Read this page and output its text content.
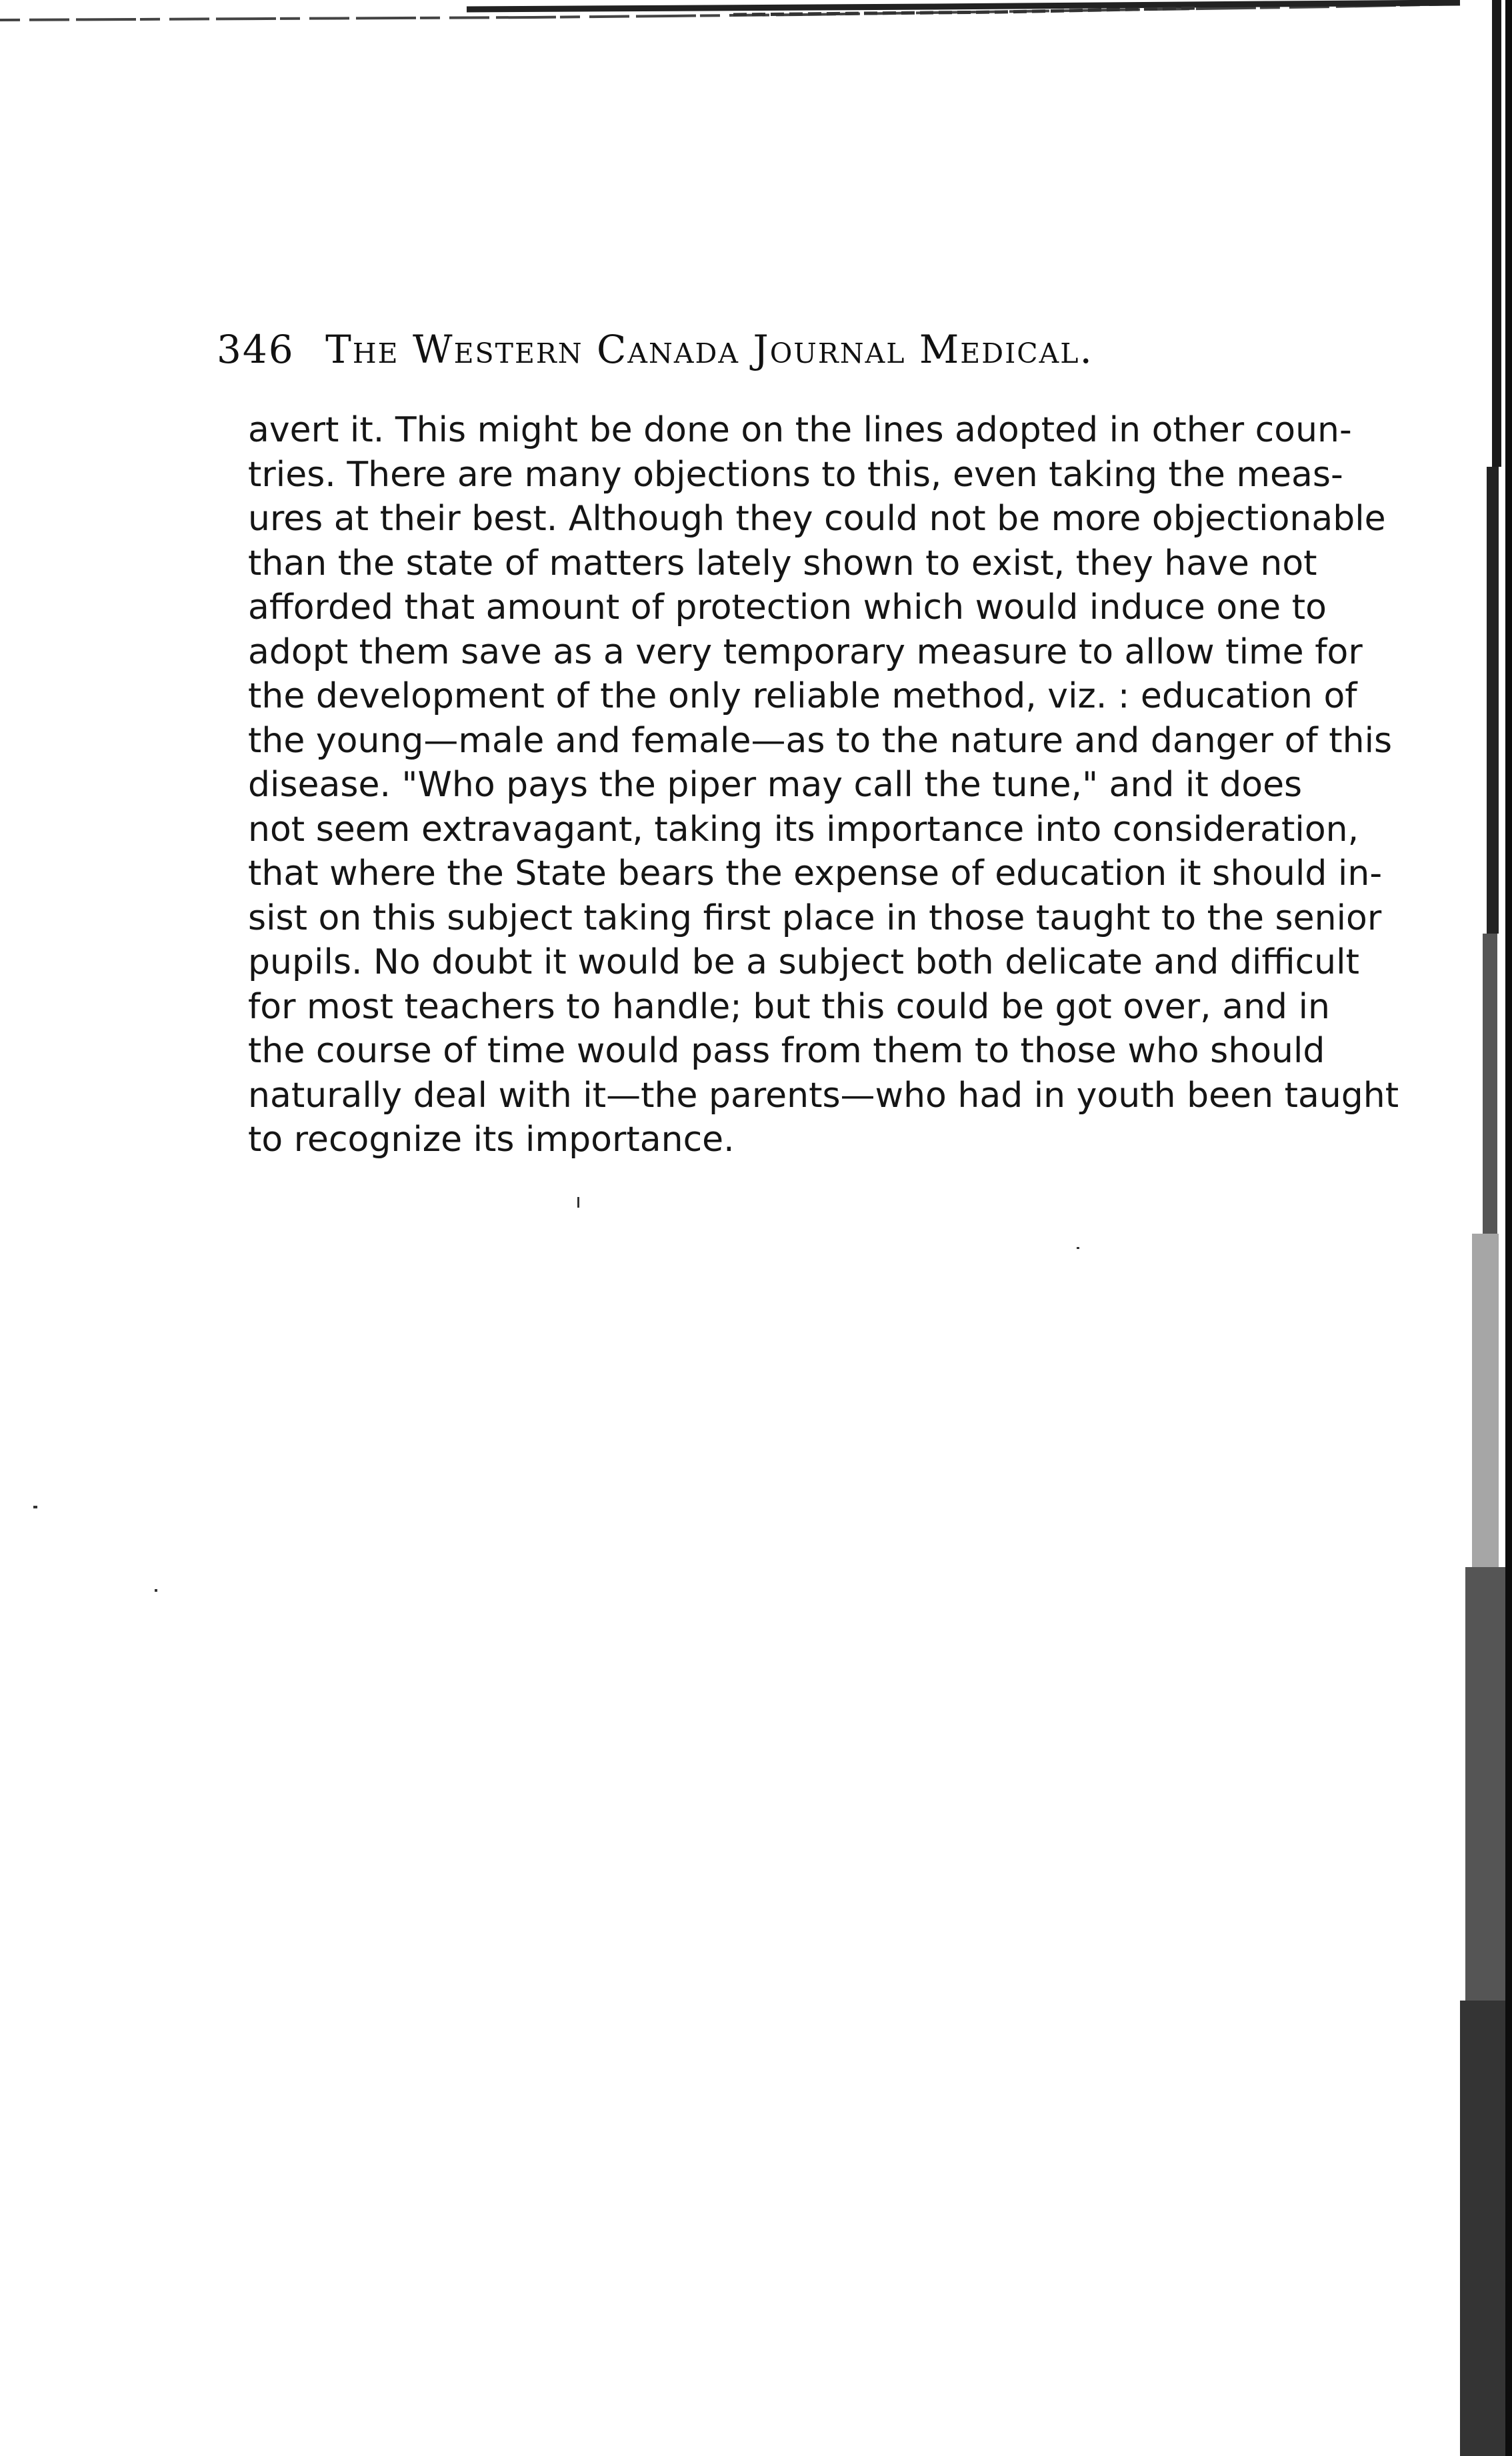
346 The Western Canada Journal Medical.
avert it. This might be done on the lines adopted in other coun-
tries. There are many objections to this, even taking the meas-
ures at their best. Although they could not be more objectionable
than the state of matters lately shown to exist, they have not
afforded that amount of protection which would induce one to
adopt them save as a very temporary measure to allow time for
the development of the only reliable method, viz. : education of
the young—male and female—as to the nature and danger of this
disease. "Who pays the piper may call the tune," and it does
not seem extravagant, taking its importance into consideration,
that where the State bears the expense of education it should in-
sist on this subject taking first place in those taught to the senior
pupils. No doubt it would be a subject both delicate and difficult
for most teachers to handle; but this could be got over, and in
the course of time would pass from them to those who should
naturally deal with it—the parents—who had in youth been taught
to recognize its importance.
